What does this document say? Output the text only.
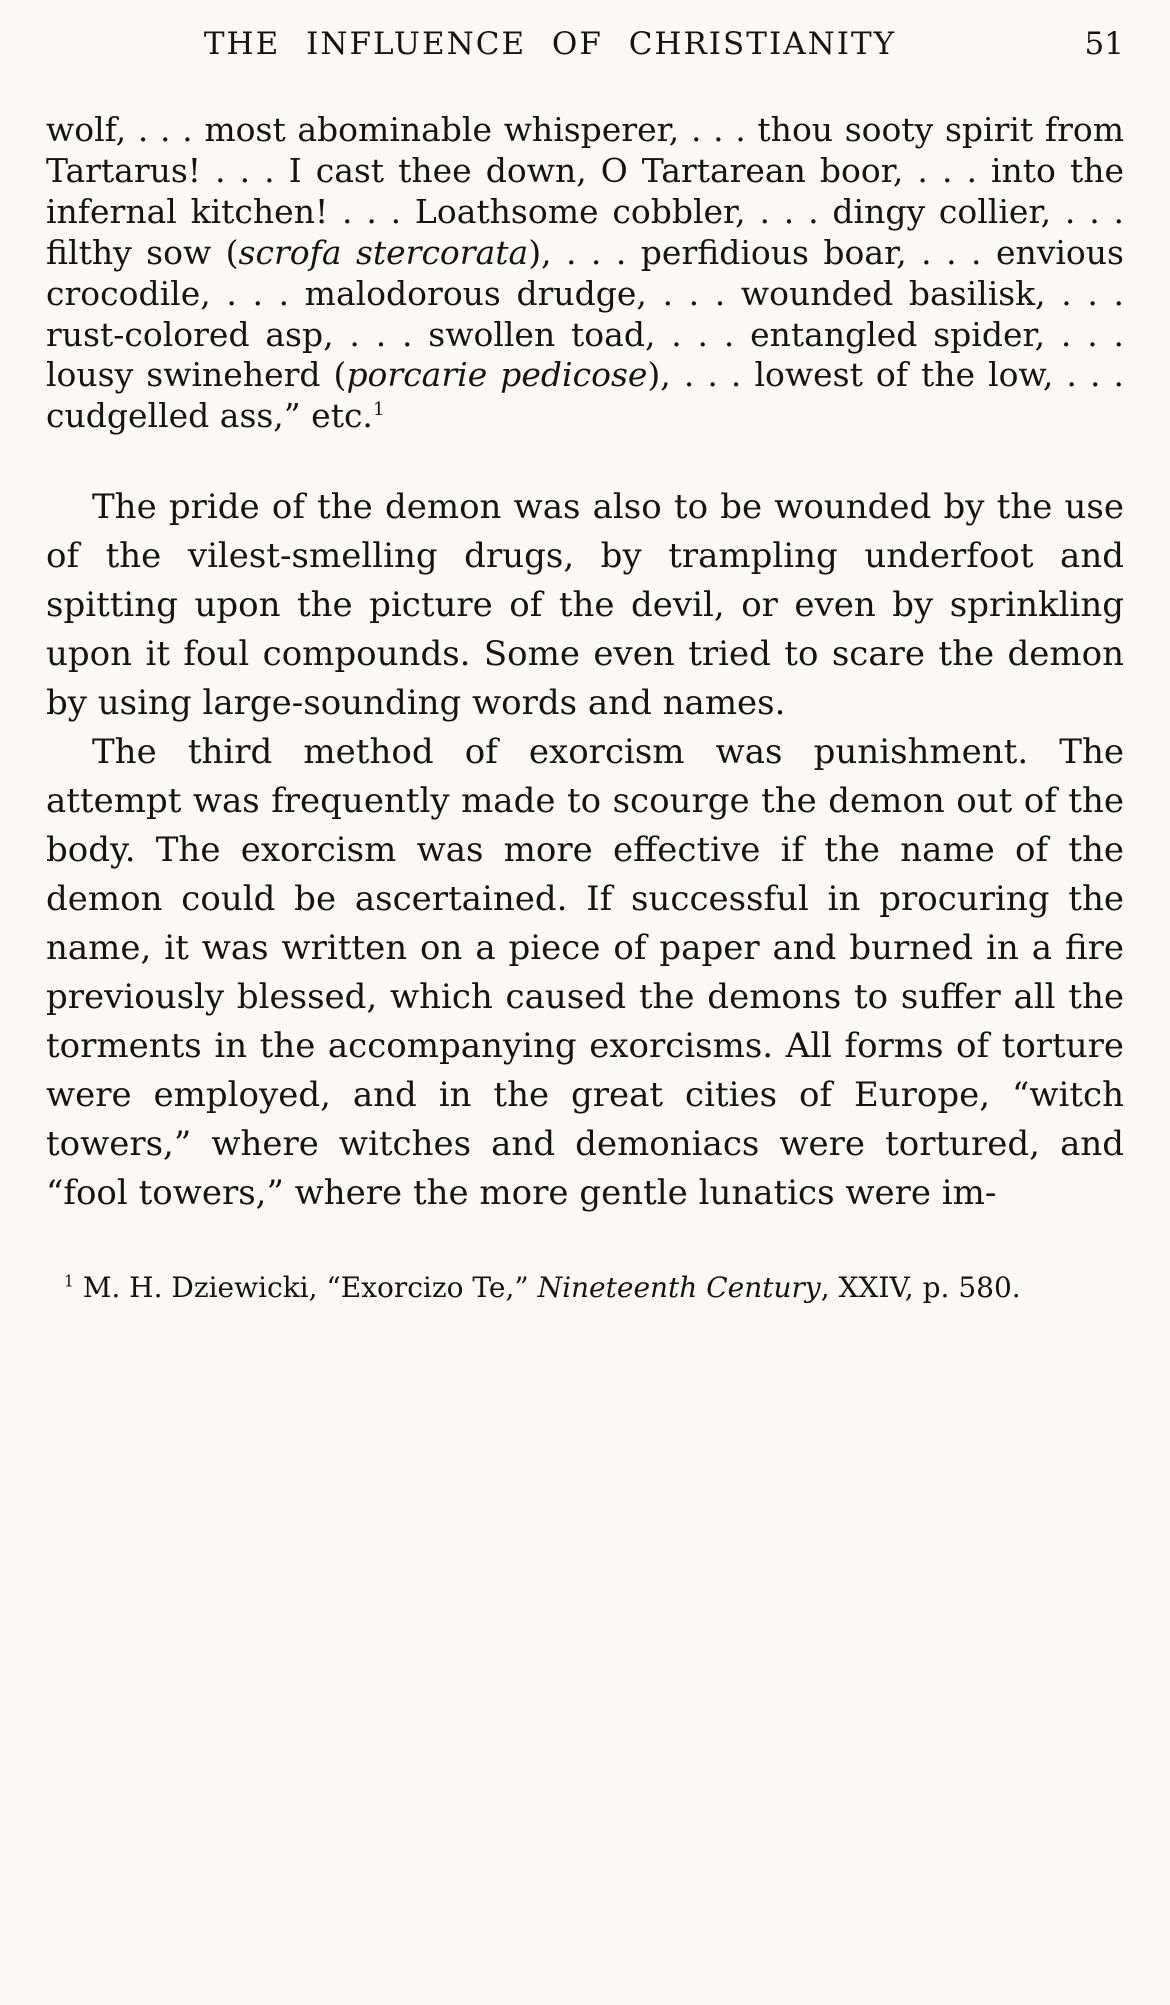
THE INFLUENCE OF CHRISTIANITY	51

wolf, . . . most abominable whisperer, . . . thou sooty spirit from Tartarus! . . . I cast thee down, O Tartarean boor, . . . into the infernal kitchen! . . . Loathsome cobbler, . . . dingy collier, . . . filthy sow (scrofa stercorata), . . . perfidious boar, . . . envious crocodile, . . . malodorous drudge, . . . wounded basilisk, . . . rust-colored asp, . . . swollen toad, . . . entangled spider, . . . lousy swineherd (porcarie pedicose), . . . lowest of the low, . . . cudgelled ass,” etc.$^1$

The pride of the demon was also to be wounded by the use of the vilest-smelling drugs, by trampling underfoot and spitting upon the picture of the devil, or even by sprinkling upon it foul compounds. Some even tried to scare the demon by using large-sounding words and names.

The third method of exorcism was punishment. The attempt was frequently made to scourge the demon out of the body. The exorcism was more effective if the name of the demon could be ascertained. If successful in procuring the name, it was written on a piece of paper and burned in a fire previously blessed, which caused the demons to suffer all the torments in the accompanying exorcisms. All forms of torture were employed, and in the great cities of Europe, “witch towers,” where witches and demoniacs were tortured, and “fool towers,” where the more gentle lunatics were im-

$^1$ M. H. Dziewicki, “Exorcizo Te,” Nineteenth Century, XXIV, p. 580.
